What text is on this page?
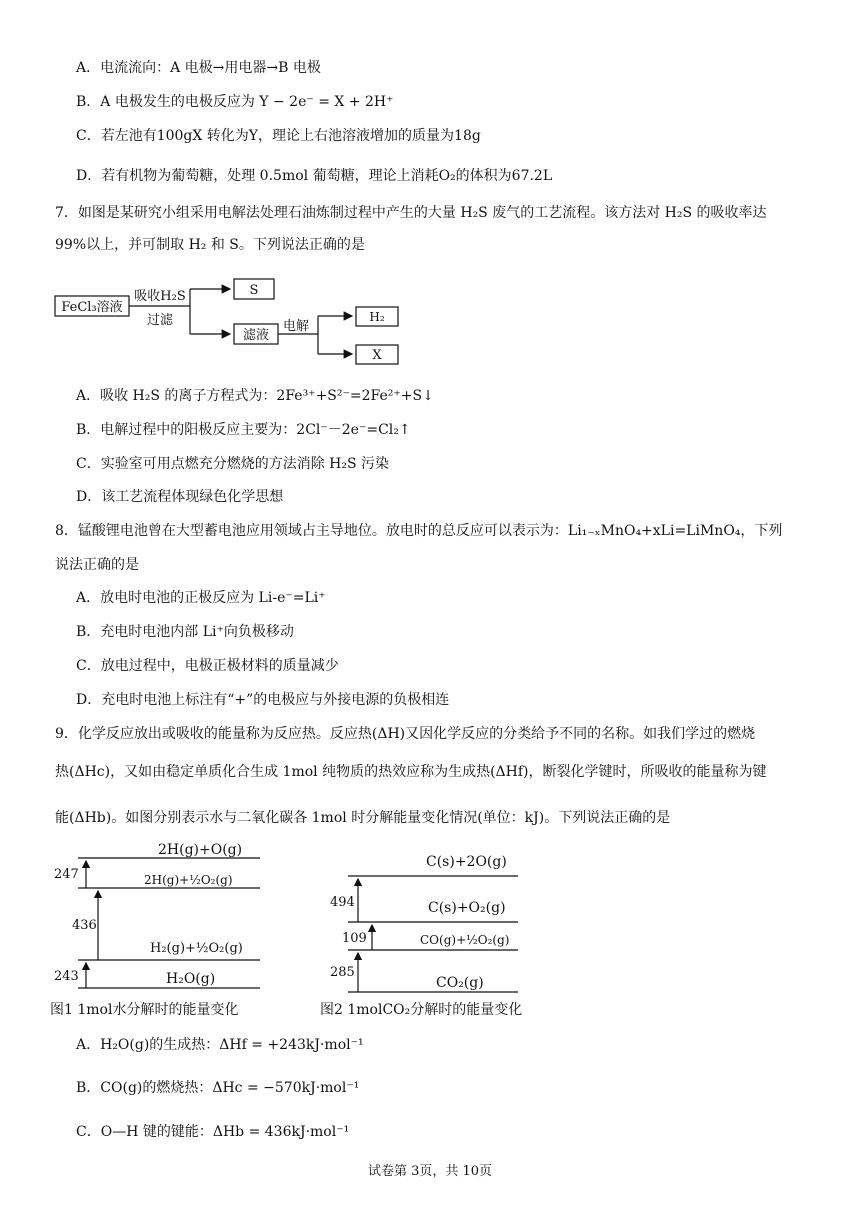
A．电流流向：A 电极→用电器→B 电极
B．A 电极发生的电极反应为 Y − 2e⁻ = X + 2H⁺
C．若左池有100gX 转化为Y，理论上右池溶液增加的质量为18g
D．若有机物为葡萄糖，处理 0.5mol 葡萄糖，理论上消耗O₂的体积为67.2L
7．如图是某研究小组采用电解法处理石油炼制过程中产生的大量 H₂S 废气的工艺流程。该方法对 H₂S 的吸收率达
99%以上，并可制取 H₂ 和 S。下列说法正确的是
FeCl₃溶液
吸收H₂S
过滤
S
滤液
电解
H₂
X
A．吸收 H₂S 的离子方程式为：2Fe³⁺+S²⁻=2Fe²⁺+S↓
B．电解过程中的阳极反应主要为：2Cl⁻－2e⁻=Cl₂↑
C．实验室可用点燃充分燃烧的方法消除 H₂S 污染
D．该工艺流程体现绿色化学思想
8．锰酸锂电池曾在大型蓄电池应用领域占主导地位。放电时的总反应可以表示为：Li₁₋ₓMnO₄+xLi=LiMnO₄，下列
说法正确的是
A．放电时电池的正极反应为 Li-e⁻=Li⁺
B．充电时电池内部 Li⁺向负极移动
C．放电过程中，电极正极材料的质量减少
D．充电时电池上标注有“+”的电极应与外接电源的负极相连
9．化学反应放出或吸收的能量称为反应热。反应热(ΔH)又因化学反应的分类给予不同的名称。如我们学过的燃烧
热(ΔHc)，又如由稳定单质化合生成 1mol 纯物质的热效应称为生成热(ΔHf)，断裂化学键时，所吸收的能量称为键
能(ΔHb)。如图分别表示水与二氧化碳各 1mol 时分解能量变化情况(单位：kJ)。下列说法正确的是
2H(g)+O(g)
2H(g)+½O₂(g)
H₂(g)+½O₂(g)
H₂O(g)
247
436
243
图1 1mol水分解时的能量变化
C(s)+2O(g)
C(s)+O₂(g)
CO(g)+½O₂(g)
CO₂(g)
494
109
285
图2 1molCO₂分解时的能量变化
A．H₂O(g)的生成热：ΔHf = +243kJ·mol⁻¹
B．CO(g)的燃烧热：ΔHc = −570kJ·mol⁻¹
C．O—H 键的键能：ΔHb = 436kJ·mol⁻¹
试卷第 3页，共 10页
